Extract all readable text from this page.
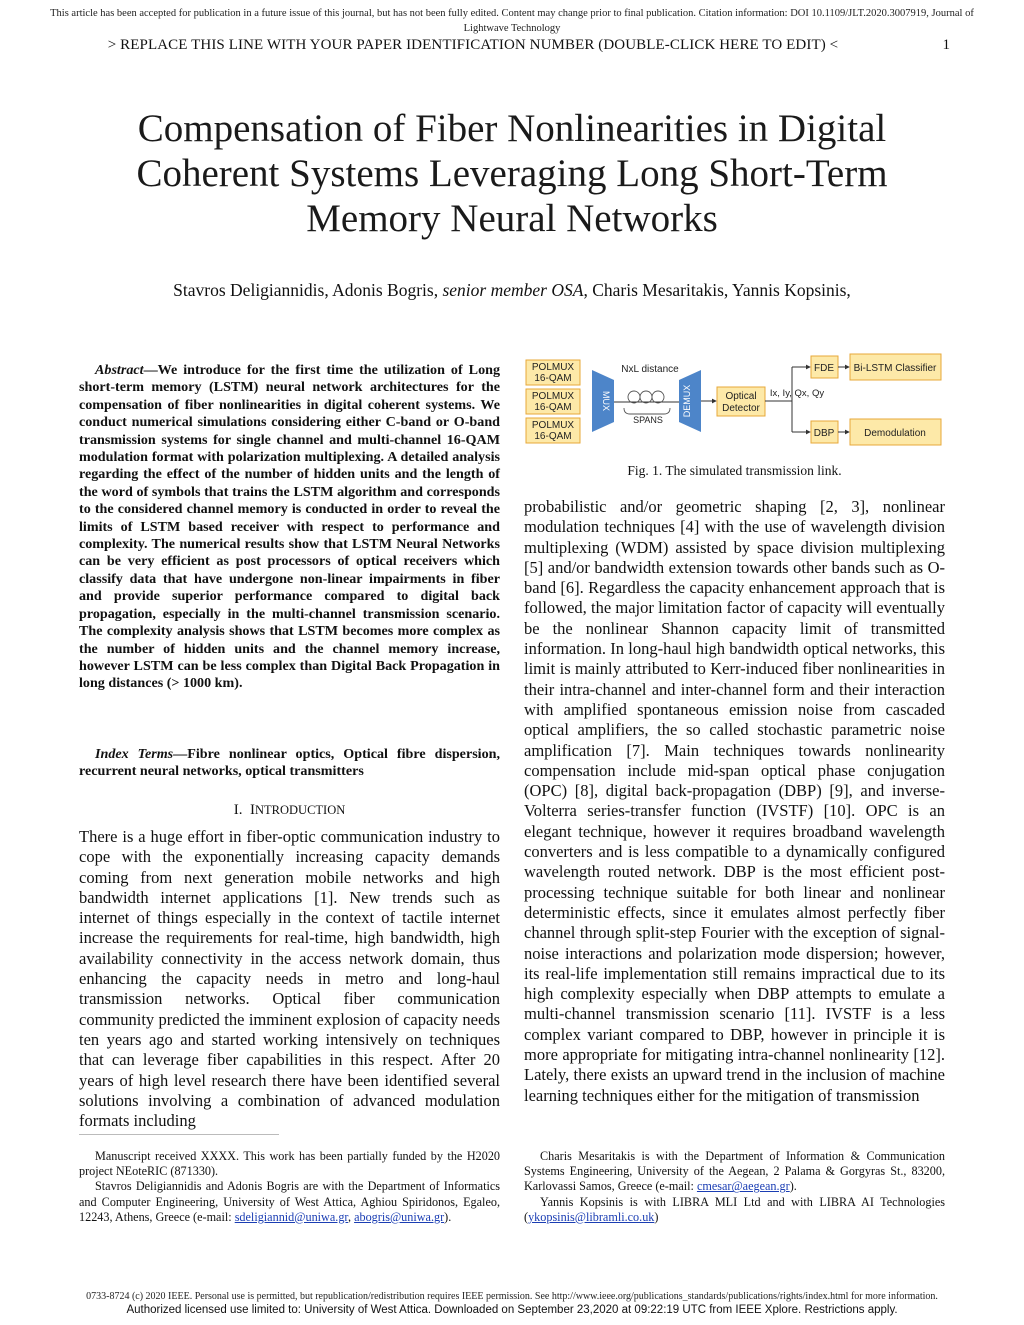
This article has been accepted for publication in a future issue of this journal, but has not been fully edited. Content may change prior to final publication. Citation information: DOI 10.1109/JLT.2020.3007919, Journal of Lightwave Technology
> REPLACE THIS LINE WITH YOUR PAPER IDENTIFICATION NUMBER (DOUBLE-CLICK HERE TO EDIT) <	1
Compensation of Fiber Nonlinearities in Digital Coherent Systems Leveraging Long Short-Term Memory Neural Networks
Stavros Deligiannidis, Adonis Bogris, senior member OSA, Charis Mesaritakis, Yannis Kopsinis,

Abstract—We introduce for the first time the utilization of Long short-term memory (LSTM) neural network architectures for the compensation of fiber nonlinearities in digital coherent systems. We conduct numerical simulations considering either C-band or O-band transmission systems for single channel and multi-channel 16-QAM modulation format with polarization multiplexing. A detailed analysis regarding the effect of the number of hidden units and the length of the word of symbols that trains the LSTM algorithm and corresponds to the considered channel memory is conducted in order to reveal the limits of LSTM based receiver with respect to performance and complexity. The numerical results show that LSTM Neural Networks can be very efficient as post processors of optical receivers which classify data that have undergone non-linear impairments in fiber and provide superior performance compared to digital back propagation, especially in the multi-channel transmission scenario. The complexity analysis shows that LSTM becomes more complex as the number of hidden units and the channel memory increase, however LSTM can be less complex than Digital Back Propagation in long distances (> 1000 km).

Index Terms—Fibre nonlinear optics, Optical fibre dispersion, recurrent neural networks, optical transmitters

I. INTRODUCTION

There is a huge effort in fiber-optic communication industry to cope with the exponentially increasing capacity demands coming from next generation mobile networks and high bandwidth internet applications [1]. New trends such as internet of things especially in the context of tactile internet increase the requirements for real-time, high bandwidth, high availability connectivity in the access network domain, thus enhancing the capacity needs in metro and long-haul transmission networks. Optical fiber communication community predicted the imminent explosion of capacity needs ten years ago and started working intensively on techniques that can leverage fiber capabilities in this respect. After 20 years of high level research there have been identified several solutions involving a combination of advanced modulation formats including

POLMUX
16-QAM
POLMUX
16-QAM
POLMUX
16-QAM
MUX
NxL distance
SPANS
DEMUX	Optical
Detector
Ix, Iy, Qx, Qy
FDE Bi-LSTM Classifier
DBP	Demodulation
Fig. 1. The simulated transmission link.

probabilistic and/or geometric shaping [2, 3], nonlinear modulation techniques [4] with the use of wavelength division multiplexing (WDM) assisted by space division multiplexing [5] and/or bandwidth extension towards other bands such as O-band [6]. Regardless the capacity enhancement approach that is followed, the major limitation factor of capacity will eventually be the nonlinear Shannon capacity limit of transmitted information. In long-haul high bandwidth optical networks, this limit is mainly attributed to Kerr-induced fiber nonlinearities in their intra-channel and inter-channel form and their interaction with amplified spontaneous emission noise from cascaded optical amplifiers, the so called stochastic parametric noise amplification [7]. Main techniques towards nonlinearity compensation include mid-span optical phase conjugation (OPC) [8], digital back-propagation (DBP) [9], and inverse-Volterra series-transfer function (IVSTF) [10]. OPC is an elegant technique, however it requires broadband wavelength converters and is less compatible to a dynamically configured wavelength routed network. DBP is the most efficient post-processing technique suitable for both linear and nonlinear deterministic effects, since it emulates almost perfectly fiber channel through split-step Fourier with the exception of signal-noise interactions and polarization mode dispersion; however, its real-life implementation still remains impractical due to its high complexity especially when DBP attempts to emulate a multi-channel transmission scenario [11]. IVSTF is a less complex variant compared to DBP, however in principle it is more appropriate for mitigating intra-channel nonlinearity [12]. Lately, there exists an upward trend in the inclusion of machine learning techniques either for the mitigation of transmission

Manuscript received XXXX. This work has been partially funded by the H2020 project NEoteRIC (871330).

Stavros Deligiannidis and Adonis Bogris are with the Department of Informatics and Computer Engineering, University of West Attica, Aghiou Spiridonos, Egaleo, 12243, Athens, Greece (e-mail: sdeligiannid@uniwa.gr, abogris@uniwa.gr).

Charis Mesaritakis is with the Department of Information & Communication Systems Engineering, University of the Aegean, 2 Palama & Gorgyras St., 83200, Karlovassi Samos, Greece (e-mail: cmesar@aegean.gr).

Yannis Kopsinis is with LIBRA MLI Ltd and with LIBRA AI Technologies (ykopsinis@libramli.co.uk)

0733-8724 (c) 2020 IEEE. Personal use is permitted, but republication/redistribution requires IEEE permission. See http://www.ieee.org/publications_standards/publications/rights/index.html for more information.
Authorized licensed use limited to: University of West Attica. Downloaded on September 23,2020 at 09:22:19 UTC from IEEE Xplore. Restrictions apply.
